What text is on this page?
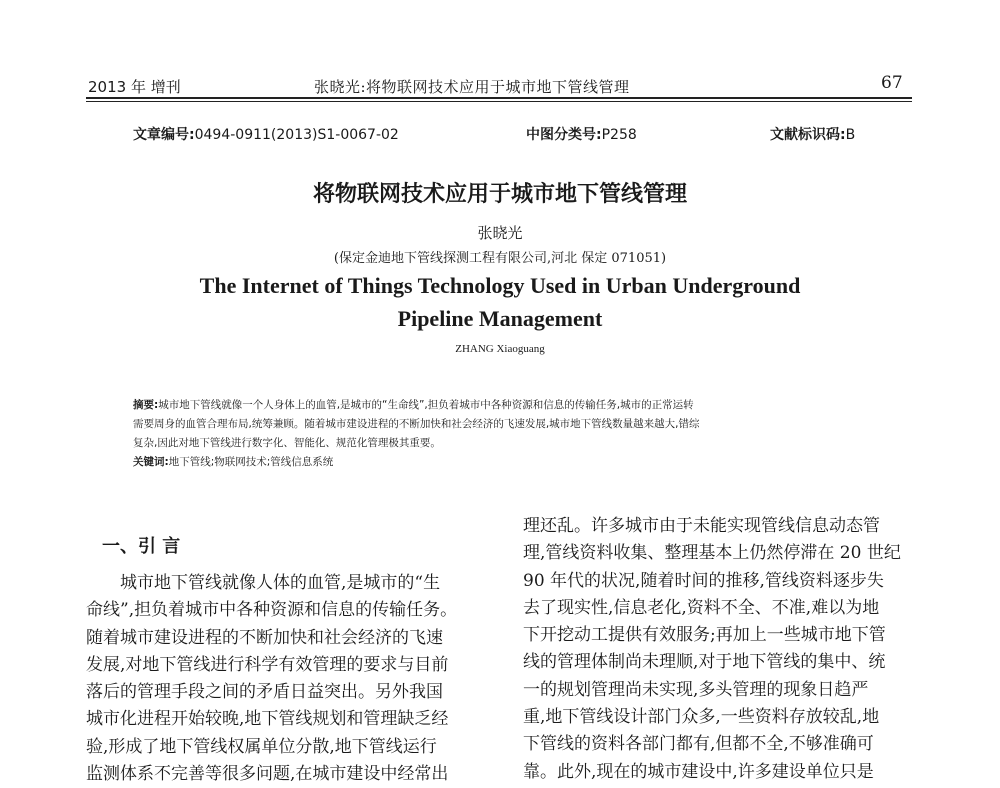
2013 年 增刊	张晓光:将物联网技术应用于城市地下管线管理	67
文章编号:0494-0911(2013)S1-0067-02	中图分类号:P258	文献标识码:B
将物联网技术应用于城市地下管线管理
张晓光
(保定金迪地下管线探测工程有限公司,河北 保定 071051)
The Internet of Things Technology Used in Urban Underground
Pipeline Management
ZHANG Xiaoguang

摘要:城市地下管线就像一个人身体上的血管,是城市的“生命线”,担负着城市中各种资源和信息的传输任务,城市的正常运转

需要周身的血管合理布局,统筹兼顾。随着城市建设进程的不断加快和社会经济的飞速发展,城市地下管线数量越来越大,错综

复杂,因此对地下管线进行数字化、智能化、规范化管理极其重要。

关键词:地下管线;物联网技术;管线信息系统

一、引 言

城市地下管线就像人体的血管,是城市的“生

命线”,担负着城市中各种资源和信息的传输任务。

随着城市建设进程的不断加快和社会经济的飞速

发展,对地下管线进行科学有效管理的要求与目前

落后的管理手段之间的矛盾日益突出。另外我国

城市化进程开始较晚,地下管线规划和管理缺乏经

验,形成了地下管线权属单位分散,地下管线运行

监测体系不完善等很多问题,在城市建设中经常出

理还乱。许多城市由于未能实现管线信息动态管

理,管线资料收集、整理基本上仍然停滞在 20 世纪

90 年代的状况,随着时间的推移,管线资料逐步失

去了现实性,信息老化,资料不全、不准,难以为地

下开挖动工提供有效服务;再加上一些城市地下管

线的管理体制尚未理顺,对于地下管线的集中、统

一的规划管理尚未实现,多头管理的现象日趋严

重,地下管线设计部门众多,一些资料存放较乱,地

下管线的资料各部门都有,但都不全,不够准确可

靠。此外,现在的城市建设中,许多建设单位只是
